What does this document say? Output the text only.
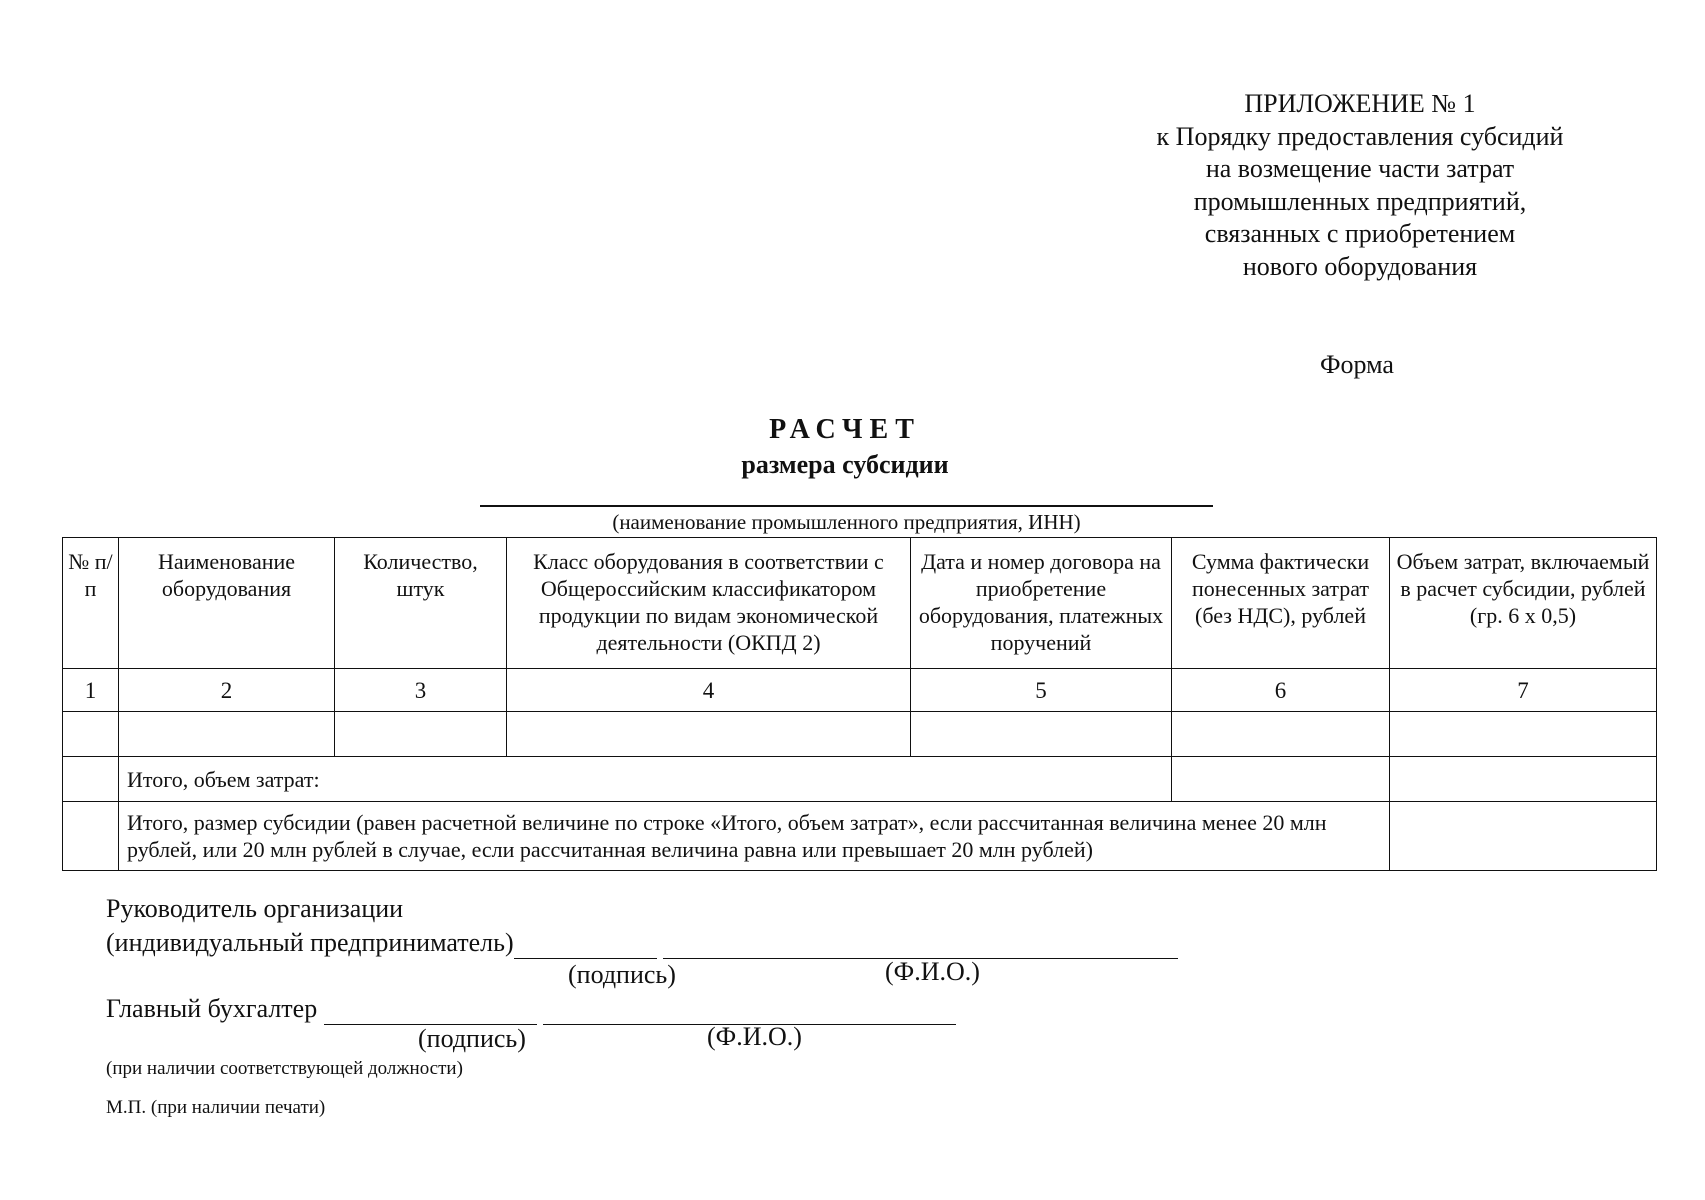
ПРИЛОЖЕНИЕ № 1
к Порядку предоставления субсидий
на возмещение части затрат
промышленных предприятий,
связанных с приобретением
нового оборудования
Форма
РАСЧЕТ
размера субсидии
(наименование промышленного предприятия, ИНН)
№ п/п	Наименование оборудования	Количество, штук	Класс оборудования в соответствии с Общероссийским классификатором продукции по видам экономической деятельности (ОКПД 2)	Дата и номер договора на приобретение оборудования, платежных поручений	Сумма фактически понесенных затрат (без НДС), рублей	Объем затрат, включаемый в расчет субсидии, рублей (гр. 6 х 0,5)
1	2	3	4	5	6	7

	Итого, объем затрат:					
	Итого, размер субсидии (равен расчетной величине по строке «Итого, объем затрат», если рассчитанная величина менее 20 млн рублей, или 20 млн рублей в случае, если рассчитанная величина равна или превышает 20 млн рублей)					
Руководитель организации
(индивидуальный предприниматель)
(подпись)	(Ф.И.О.)
Главный бухгалтер
(подпись)	(Ф.И.О.)
(при наличии соответствующей должности)
М.П. (при наличии печати)
